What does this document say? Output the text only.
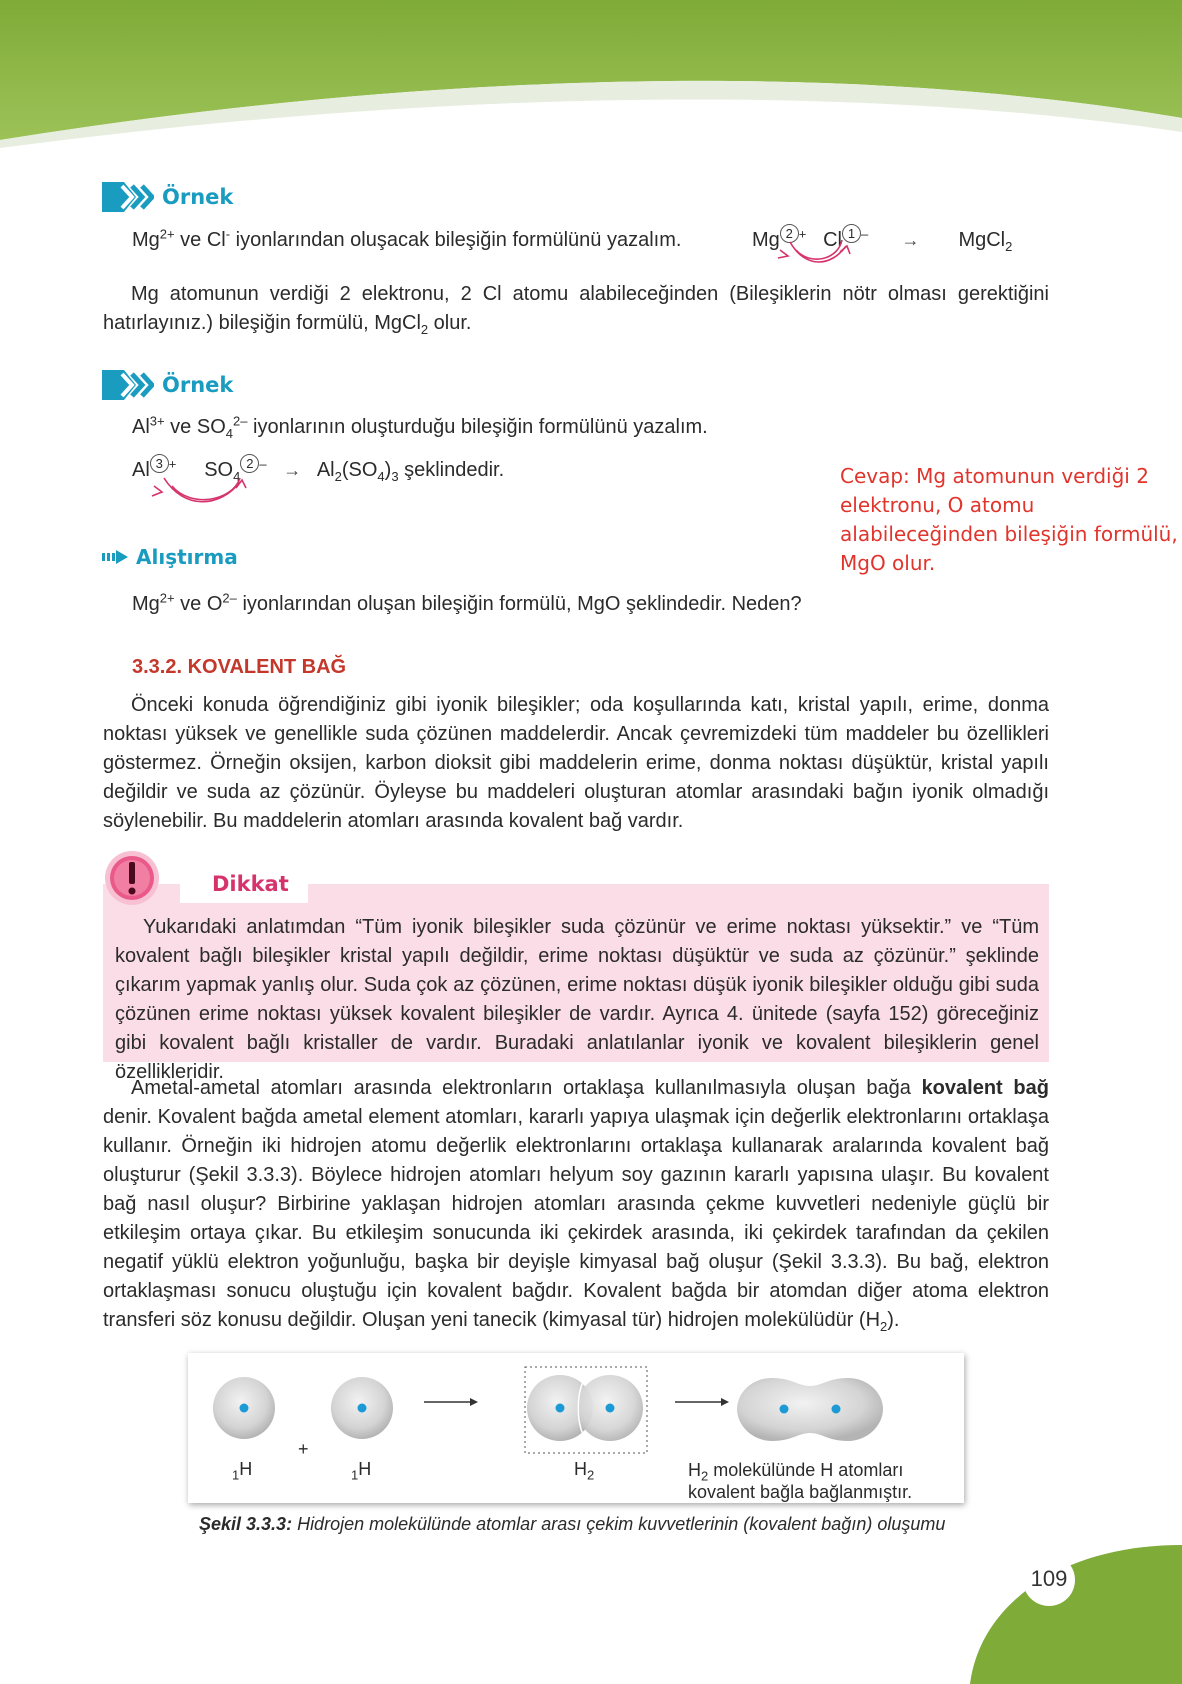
Örnek
$Mg^{2+}$ ve Cl- iyonlarından oluşacak bileşiğin formülünü yazalım.	Mg 2 + Cl 1 – → MgCl$_2$

Mg atomunun verdiği 2 elektronu, 2 Cl atomu alabileceğinden (Bileşiklerin nötr olması gerektiğini hatırlayınız.) bileşiğin formülü, MgCl$_2$ olur.

Örnek
$Al^{3+}$ ve $SO_4^{2-}$ iyonlarının oluşturduğu bileşiğin formülünü yazalım.
Al 3 + $SO_42$ $^- \to Al_2(SO_4)_3$ şeklindedir.	Cevap: Mg atomunun verdiği 2 elektronu, O atomu alabileceğinden bileşiğin formülü, MgO olur.
Alıştırma
$Mg^{2+}$ ve $O^{2-}$ iyonlarından oluşan bileşiğin formülü, MgO şeklindedir. Neden?
3.3.2. KOVALENT BAĞ

Önceki konuda öğrendiğiniz gibi iyonik bileşikler; oda koşullarında katı, kristal yapılı, erime, donma noktası yüksek ve genellikle suda çözünen maddelerdir. Ancak çevremizdeki tüm maddeler bu özellikleri göstermez. Örneğin oksijen, karbon dioksit gibi maddelerin erime, donma noktası düşüktür, kristal yapılı değildir ve suda az çözünür. Öyleyse bu maddeleri oluşturan atomlar arasındaki bağın iyonik olmadığı söylenebilir. Bu maddelerin atomları arasında kovalent bağ vardır.

Dikkat

Yukarıdaki anlatımdan “Tüm iyonik bileşikler suda çözünür ve erime noktası yüksektir.” ve “Tüm kovalent bağlı bileşikler kristal yapılı değildir, erime noktası düşüktür ve suda az çözünür.” şeklinde çıkarım yapmak yanlış olur. Suda çok az çözünen, erime noktası düşük iyonik bileşikler olduğu gibi suda çözünen erime noktası yüksek kovalent bileşikler de vardır. Ayrıca 4. ünitede (sayfa 152) göreceğiniz gibi kovalent bağlı kristaller de vardır. Buradaki anlatılanlar iyonik ve kovalent bileşiklerin genel özellikleridir.

Ametal-ametal atomları arasında elektronların ortaklaşa kullanılmasıyla oluşan bağa kovalent bağ denir. Kovalent bağda ametal element atomları, kararlı yapıya ulaşmak için değerlik elektronlarını ortaklaşa kullanır. Örneğin iki hidrojen atomu değerlik elektronlarını ortaklaşa kullanarak aralarında kovalent bağ oluşturur (Şekil 3.3.3). Böylece hidrojen atomları helyum soy gazının kararlı yapısına ulaşır. Bu kovalent bağ nasıl oluşur? Birbirine yaklaşan hidrojen atomları arasında çekme kuvvetleri nedeniyle güçlü bir etkileşim ortaya çıkar. Bu etkileşim sonucunda iki çekirdek arasında, iki çekirdek tarafından da çekilen negatif yüklü elektron yoğunluğu, başka bir deyişle kimyasal bağ oluşur (Şekil 3.3.3). Bu bağ, elektron ortaklaşması sonucu oluştuğu için kovalent bağdır. Kovalent bağda bir atomdan diğer atoma elektron transferi söz konusu değildir. Oluşan yeni tanecik (kimyasal tür) hidrojen molekülüdür $(H_2)$.

$_1$H
+
$_1$H	$H_2$	$H_2$ molekülünde H atomları
kovalent bağla bağlanmıştır.
Şekil 3.3.3: Hidrojen molekülünde atomlar arası çekim kuvvetlerinin (kovalent bağın) oluşumu
109
